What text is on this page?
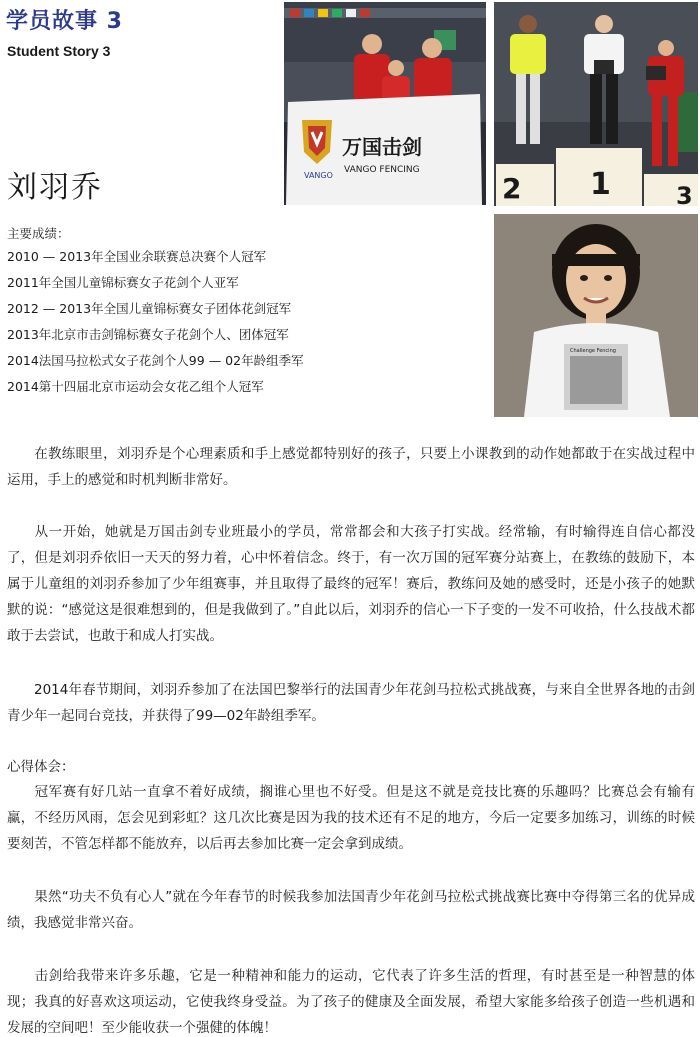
学员故事 3
Student Story 3
刘羽乔	VANGO
万国击剑
VANGO FENCING
2 1	3
Challenge Fencing
主要成绩：
2010 — 2013年全国业余联赛总决赛个人冠军
2011年全国儿童锦标赛女子花剑个人亚军
2012 — 2013年全国儿童锦标赛女子团体花剑冠军
2013年北京市击剑锦标赛女子花剑个人、团体冠军
2014法国马拉松式女子花剑个人99 — 02年龄组季军
2014第十四届北京市运动会女花乙组个人冠军

在教练眼里，刘羽乔是个心理素质和手上感觉都特别好的孩子，只要上小课教到的动作她都敢于在实战过程中运用，手上的感觉和时机判断非常好。

从一开始，她就是万国击剑专业班最小的学员，常常都会和大孩子打实战。经常输，有时输得连自信心都没了，但是刘羽乔依旧一天天的努力着，心中怀着信念。终于，有一次万国的冠军赛分站赛上，在教练的鼓励下，本属于儿童组的刘羽乔参加了少年组赛事，并且取得了最终的冠军！赛后，教练问及她的感受时，还是小孩子的她默默的说：“感觉这是很难想到的，但是我做到了。”自此以后，刘羽乔的信心一下子变的一发不可收拾，什么技战术都敢于去尝试，也敢于和成人打实战。

2014年春节期间，刘羽乔参加了在法国巴黎举行的法国青少年花剑马拉松式挑战赛，与来自全世界各地的击剑青少年一起同台竞技，并获得了99—02年龄组季军。

心得体会：

冠军赛有好几站一直拿不着好成绩，搁谁心里也不好受。但是这不就是竞技比赛的乐趣吗？比赛总会有输有赢，不经历风雨，怎会见到彩虹？这几次比赛是因为我的技术还有不足的地方，今后一定要多加练习，训练的时候要刻苦，不管怎样都不能放弃，以后再去参加比赛一定会拿到成绩。

果然“功夫不负有心人”就在今年春节的时候我参加法国青少年花剑马拉松式挑战赛比赛中夺得第三名的优异成绩，我感觉非常兴奋。

击剑给我带来许多乐趣，它是一种精神和能力的运动，它代表了许多生活的哲理，有时甚至是一种智慧的体现；我真的好喜欢这项运动，它使我终身受益。为了孩子的健康及全面发展，希望大家能多给孩子创造一些机遇和发展的空间吧！至少能收获一个强健的体魄！
